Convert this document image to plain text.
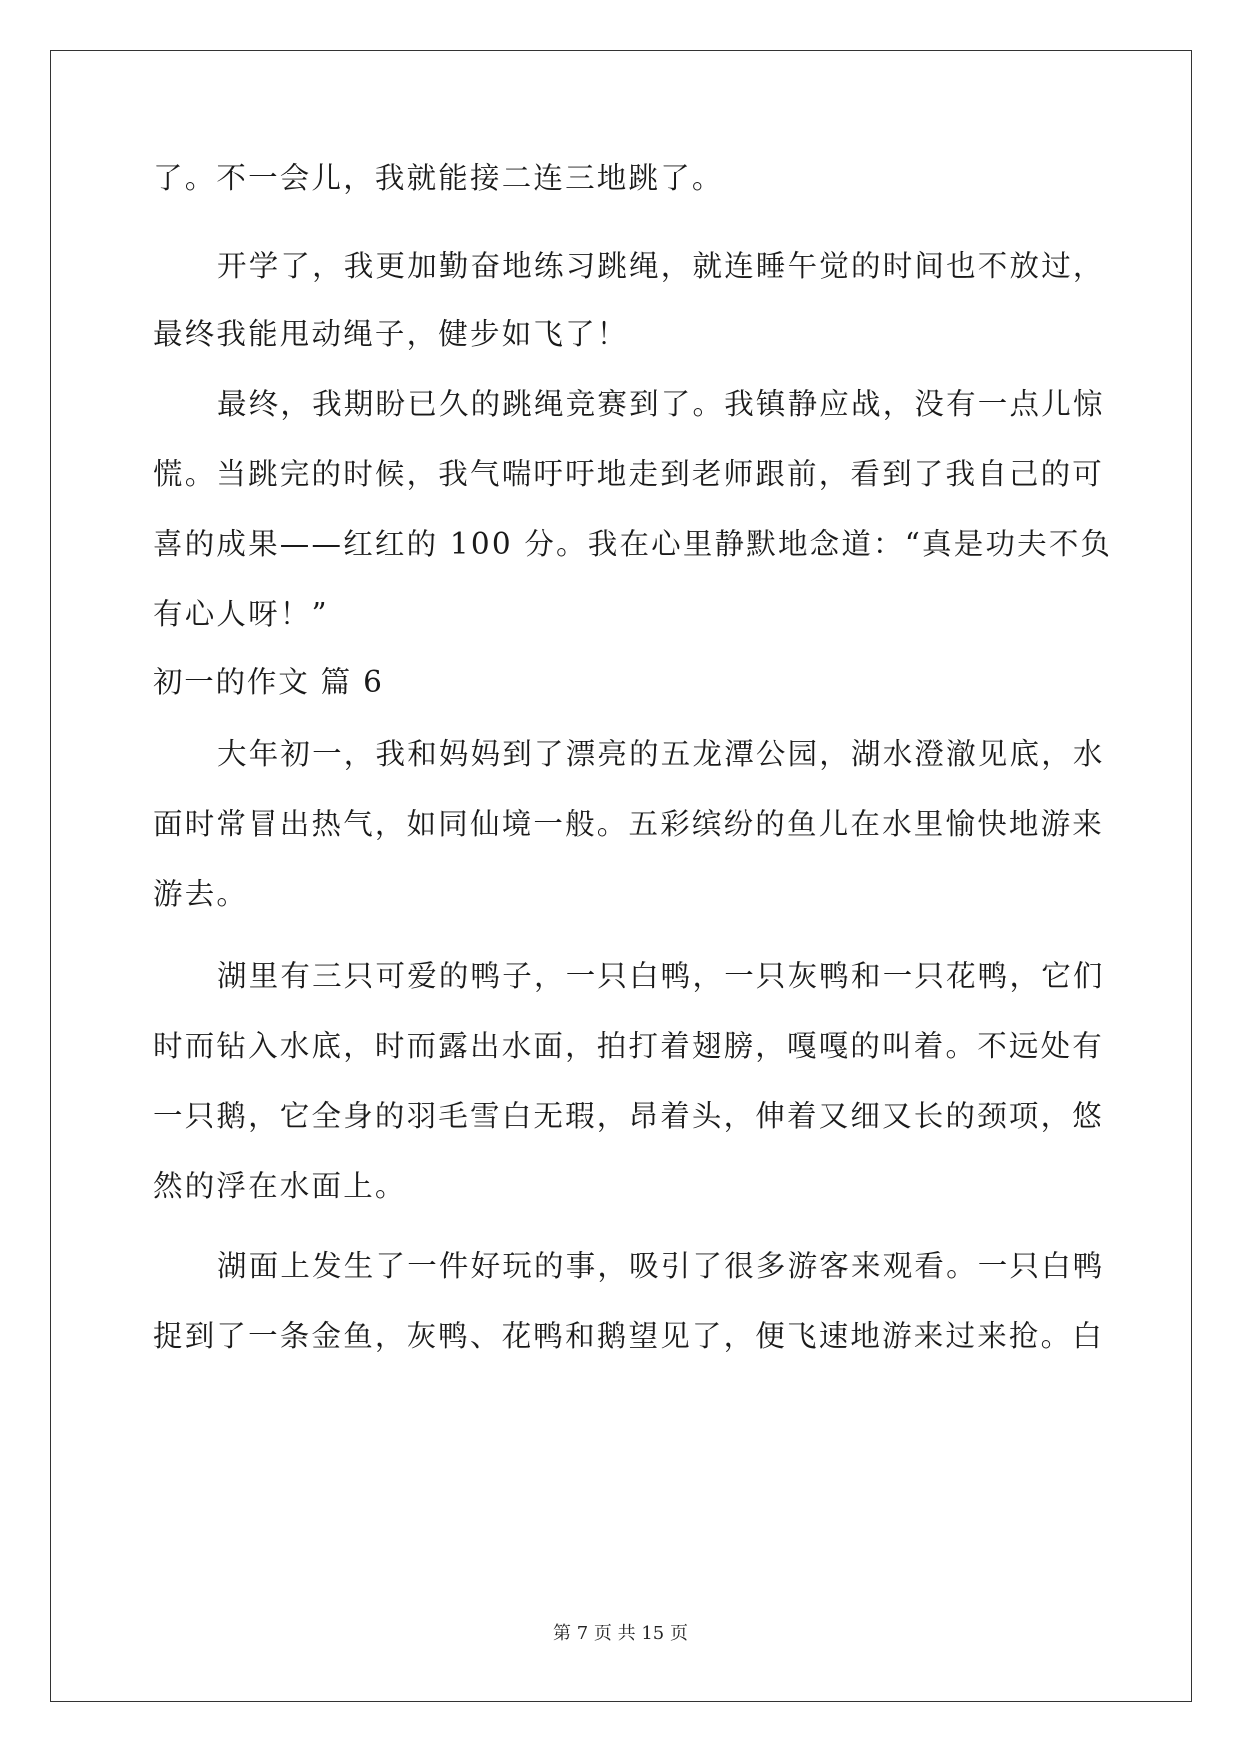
了。不一会儿，我就能接二连三地跳了。
开学了，我更加勤奋地练习跳绳，就连睡午觉的时间也不放过，
最终我能甩动绳子，健步如飞了！
最终，我期盼已久的跳绳竞赛到了。我镇静应战，没有一点儿惊
慌。当跳完的时候，我气喘吁吁地走到老师跟前，看到了我自己的可
喜的成果——红红的 100 分。我在心里静默地念道：“真是功夫不负
有心人呀！”
初一的作文 篇 6
大年初一，我和妈妈到了漂亮的五龙潭公园，湖水澄澈见底，水
面时常冒出热气，如同仙境一般。五彩缤纷的鱼儿在水里愉快地游来
游去。
湖里有三只可爱的鸭子，一只白鸭，一只灰鸭和一只花鸭，它们
时而钻入水底，时而露出水面，拍打着翅膀，嘎嘎的叫着。不远处有
一只鹅，它全身的羽毛雪白无瑕，昂着头，伸着又细又长的颈项，悠
然的浮在水面上。
湖面上发生了一件好玩的事，吸引了很多游客来观看。一只白鸭
捉到了一条金鱼，灰鸭、花鸭和鹅望见了，便飞速地游来过来抢。白
第 7 页 共 15 页
